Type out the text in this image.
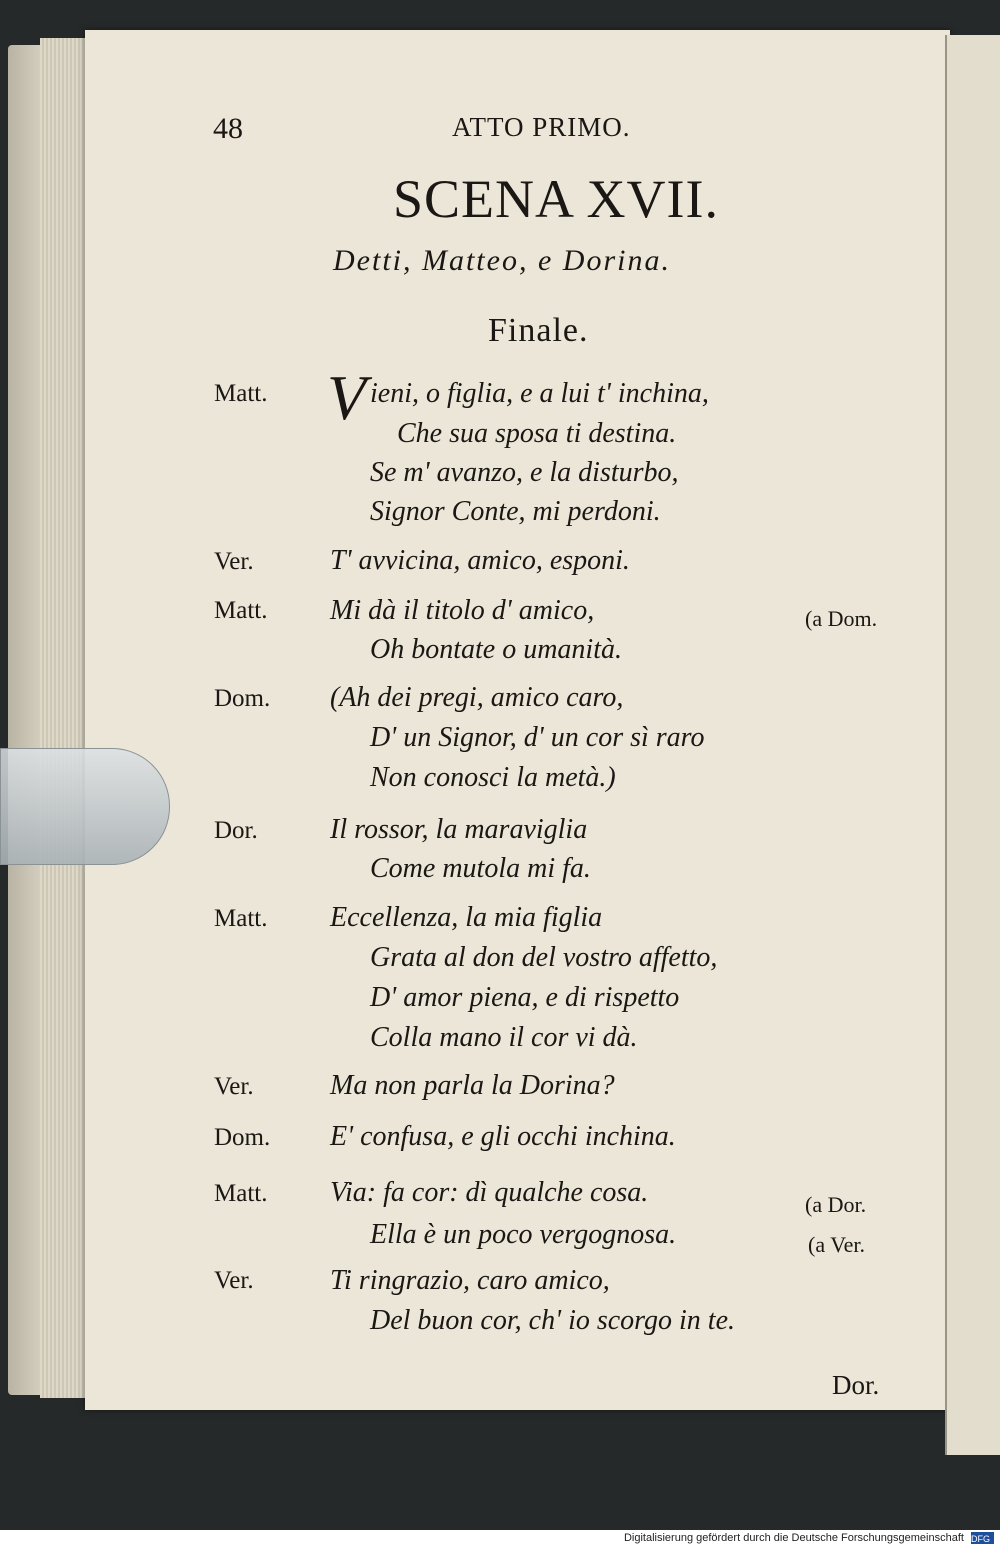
48	ATTO PRIMO.
SCENA XVII.
Detti, Matteo, e Dorina.
Finale.
Matt. V ieni, o figlia, e a lui t' inchina,
Che sua sposa ti destina.
Se m' avanzo, e la disturbo,
Signor Conte, mi perdoni.
Ver.	T' avvicina, amico, esponi.
Matt. Mi dà il titolo d' amico,	(a Dom.
Oh bontate o umanità.
Dom. (Ah dei pregi, amico caro,
D' un Signor, d' un cor sì raro
Non conosci la metà.)
Dor.	Il rossor, la maraviglia
Come mutola mi fa.
Matt. Eccellenza, la mia figlia
Grata al don del vostro affetto,
D' amor piena, e di rispetto
Colla mano il cor vi dà.
Ver.	Ma non parla la Dorina?
Dom. E' confusa, e gli occhi inchina.
Matt. Via: fa cor: dì qualche cosa.	(a Dor.
Ella è un poco vergognosa.	(a Ver.
Ver.	Ti ringrazio, caro amico,
Del buon cor, ch' io scorgo in te.
Dor.
Digitalisierung gefördert durch die Deutsche Forschungsgemeinschaft DFG
